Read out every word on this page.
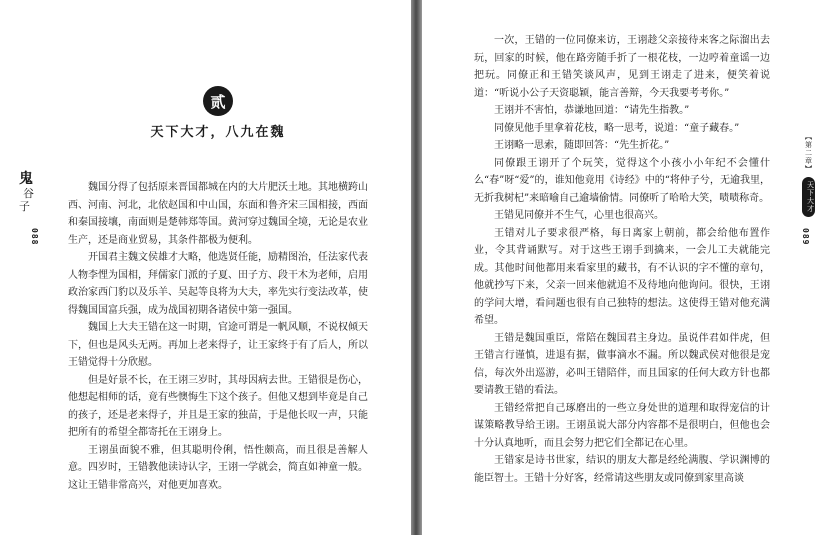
贰
天下大才，八九在魏
鬼
谷
子

魏国分得了包括原来晋国都城在内的大片肥沃土地。其地横跨山西、河南、河北，北依赵国和中山国，东面和鲁齐宋三国相接，西面和秦国接壤，南面则是楚韩郑等国。黄河穿过魏国全境，无论是农业生产，还是商业贸易，其条件都极为便利。

开国君主魏文侯雄才大略，他选贤任能，励精图治，任法家代表人物李悝为国相，拜儒家门派的子夏、田子方、段干木为老师，启用政治家西门豹以及乐羊、吴起等良将为大夫，率先实行变法改革，使得魏国国富兵强，成为战国初期各诸侯中第一强国。

魏国上大夫王错在这一时期，官途可谓是一帆风顺，不说权倾天下，但也是风头无两。再加上老来得子，让王家终于有了后人，所以王错觉得十分欣慰。

但是好景不长，在王诩三岁时，其母因病去世。王错很是伤心，他想起相师的话，竟有些懊悔生下这个孩子。但他又想到毕竟是自己的孩子，还是老来得子，并且是王家的独苗，于是他长叹一声，只能把所有的希望全都寄托在王诩身上。

王诩虽面貌不雅，但其聪明伶俐，悟性颇高，而且很是善解人意。四岁时，王错教他读诗认字，王诩一学就会，简直如神童一般。这让王错非常高兴，对他更加喜欢。

088

一次，王错的一位同僚来访，王诩趁父亲接待来客之际溜出去玩，回家的时候，他在路旁随手折了一根花枝，一边哼着童谣一边把玩。同僚正和王错笑谈风声，见到王诩走了进来，便笑着说道：“听说小公子天资聪颖，能言善辩，今天我要考考你。”

王诩并不害怕，恭谦地回道：“请先生指教。”

同僚见他手里拿着花枝，略一思考，说道：“童子藏春。”

王诩略一思索，随即回答：“先生折花。”

同僚跟王诩开了个玩笑，觉得这个小孩小小年纪不会懂什么“春”呀“爱”的，谁知他竟用《诗经》中的“将仲子兮，无逾我里，无折我树杞”来暗喻自己逾墙偷情。同僚听了哈哈大笑，啧啧称奇。

王错见同僚并不生气，心里也很高兴。

王错对儿子要求很严格，每日离家上朝前，都会给他布置作业，令其背诵默写。对于这些王诩手到擒来，一会儿工夫就能完成。其他时间他都用来看家里的藏书，有不认识的字不懂的章句，他就抄写下来，父亲一回来他就追不及待地向他询问。很快，王诩的学问大增，看问题也很有自己独特的想法。这使得王错对他充满希望。

王错是魏国重臣，常陪在魏国君主身边。虽说伴君如伴虎，但王错言行谨慎，进退有据，做事滴水不漏。所以魏武侯对他很是宠信，每次外出巡游，必叫王错陪伴，而且国家的任何大政方针也都要请教王错的看法。

王错经常把自己琢磨出的一些立身处世的道理和取得宠信的计谋策略教导给王诩。王诩虽说大部分内容都不是很明白，但他也会十分认真地听，而且会努力把它们全都记在心里。

王错家是诗书世家，结识的朋友大都是经纶满腹、学识渊博的能臣智士。王错十分好客，经常请这些朋友或同僚到家里高谈

【第二章】
天下大才
089
